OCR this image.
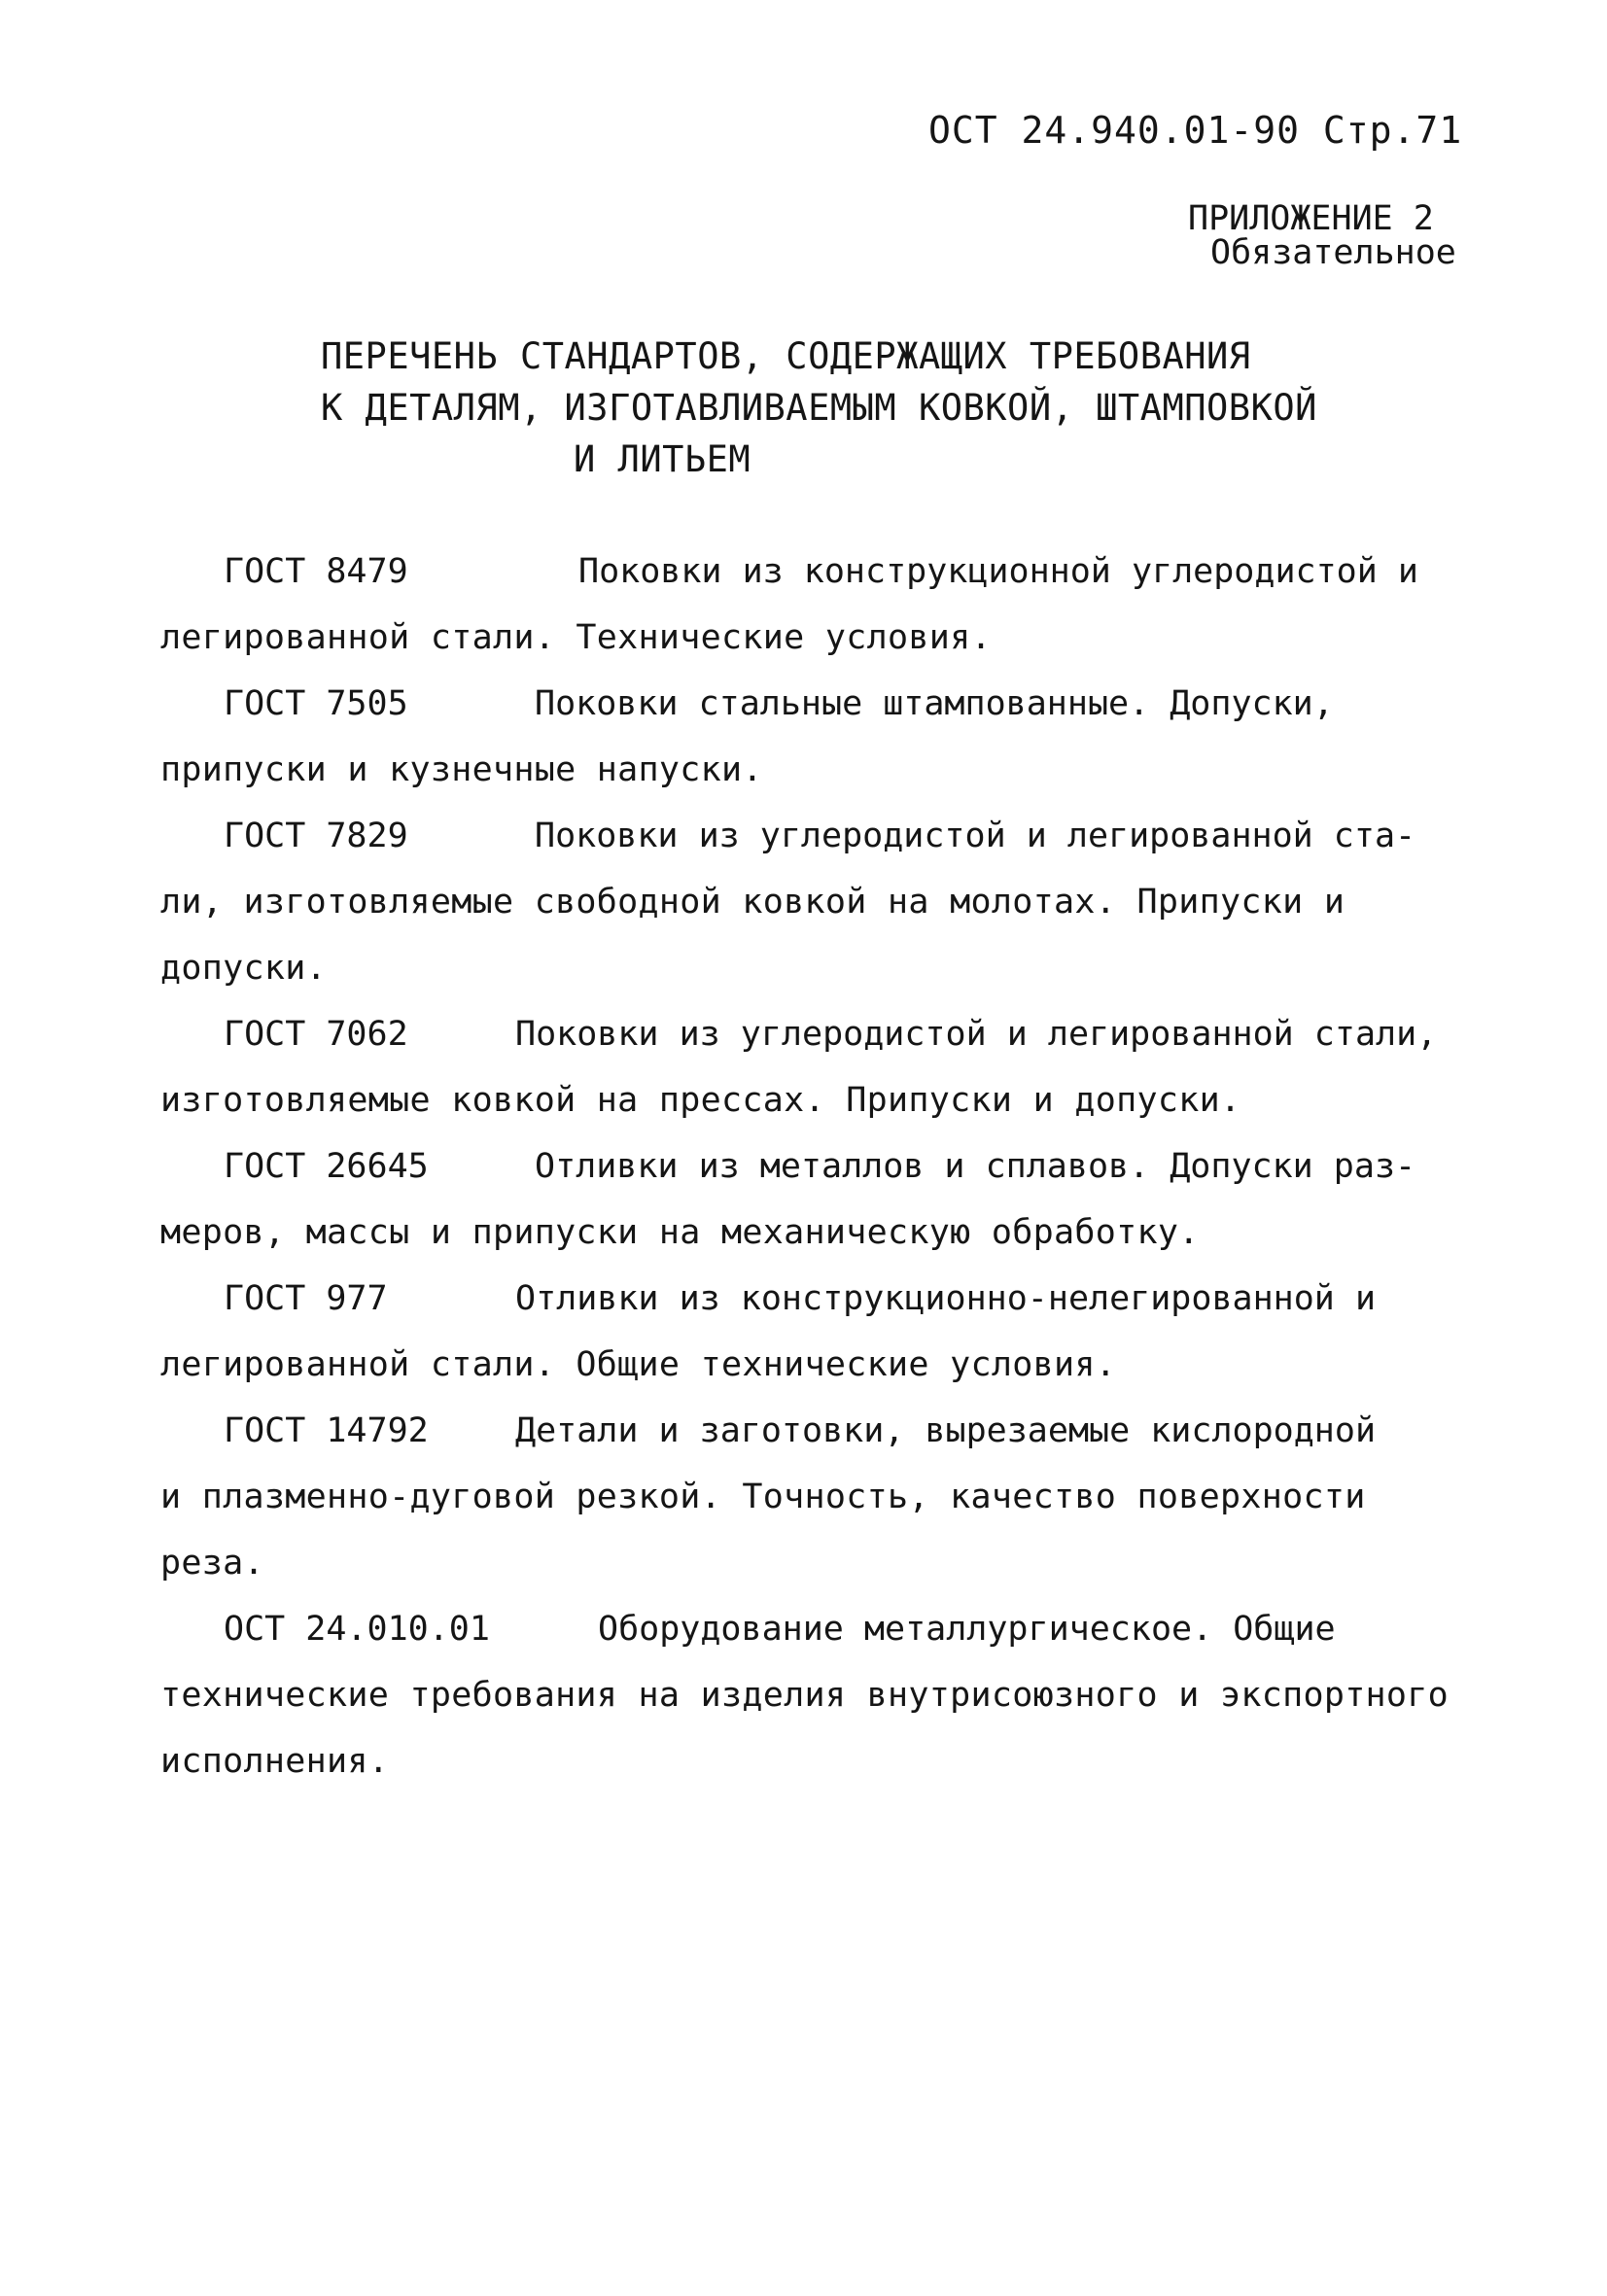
ОСТ 24.940.01-90 Стр.71
ПРИЛОЖЕНИЕ 2
Обязательное
ПЕРЕЧЕНЬ СТАНДАРТОВ, СОДЕРЖАЩИХ ТРЕБОВАНИЯ
К ДЕТАЛЯМ, ИЗГОТАВЛИВАЕМЫМ КОВКОЙ, ШТАМПОВКОЙ
И ЛИТЬЕМ
ГОСТ 8479	Поковки из конструкционной углеродистой и
легированной стали. Технические условия.
ГОСТ 7505	Поковки стальные штампованные. Допуски,
припуски и кузнечные напуски.
ГОСТ 7829	Поковки из углеродистой и легированной ста-
ли, изготовляемые свободной ковкой на молотах. Припуски и
допуски.
ГОСТ 7062	Поковки из углеродистой и легированной стали,
изготовляемые ковкой на прессах. Припуски и допуски.
ГОСТ 26645	Отливки из металлов и сплавов. Допуски раз-
меров, массы и припуски на механическую обработку.
ГОСТ 977	Отливки из конструкционно-нелегированной и
легированной стали. Общие технические условия.
ГОСТ 14792	Детали и заготовки, вырезаемые кислородной
и плазменно-дуговой резкой. Точность, качество поверхности
реза.
ОСТ 24.010.01	Оборудование металлургическое. Общие
технические требования на изделия внутрисоюзного и экспортного
исполнения.
